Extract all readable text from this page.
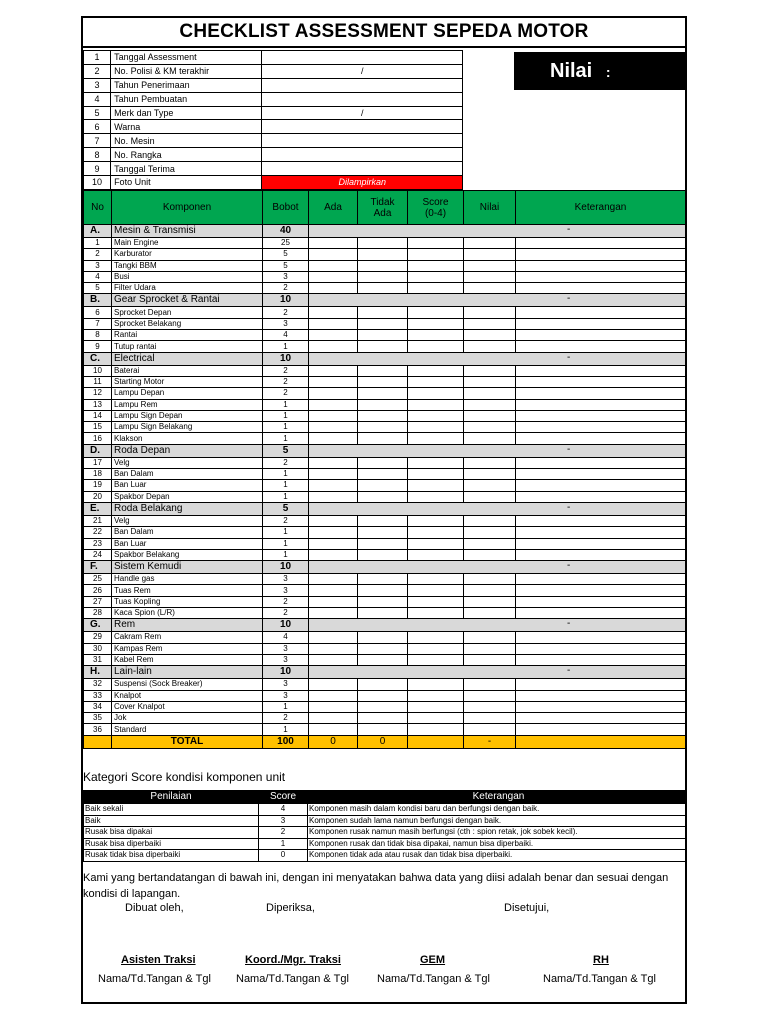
CHECKLIST ASSESSMENT SEPEDA MOTOR
1	Tanggal Assessment	
2	No. Polisi & KM terakhir	/
3	Tahun Penerimaan	
4	Tahun Pembuatan	
5	Merk dan Type	/
6	Warna	
7	No. Mesin	
8	No. Rangka	
9	Tanggal Terima	
10	Foto Unit	Dilampirkan
Nilai :
No	Komponen	Bobot	Ada	Tidak Ada	Score (0-4)	Nilai	Keterangan
A.	Mesin & Transmisi	40	-				

1	Main Engine	25					
2	Karburator	5					
3	Tangki BBM	5					
4	Busi	3					
5	Filter Udara	2					
B.	Gear Sprocket & Rantai	10	-				

6	Sprocket Depan	2					
7	Sprocket Belakang	3					
8	Rantai	4					
9	Tutup rantai	1					
C.	Electrical	10	-				

10	Baterai	2					
11	Starting Motor	2					
12	Lampu Depan	2					
13	Lampu Rem	1					
14	Lampu Sign Depan	1					
15	Lampu Sign Belakang	1					
16	Klakson	1					
D.	Roda Depan	5	-				

17	Velg	2					
18	Ban Dalam	1					
19	Ban Luar	1					
20	Spakbor Depan	1					
E.	Roda Belakang	5	-				

21	Velg	2					
22	Ban Dalam	1					
23	Ban Luar	1					
24	Spakbor Belakang	1					
F.	Sistem Kemudi	10	-				

25	Handle gas	3					
26	Tuas Rem	3					
27	Tuas Kopling	2					
28	Kaca Spion (L/R)	2					
G.	Rem	10	-				

29	Cakram Rem	4					
30	Kampas Rem	3					
31	Kabel Rem	3					
H.	Lain-lain	10	-				

32	Suspensi (Sock Breaker)	3					
33	Knalpot	3					
34	Cover Knalpot	1					
35	Jok	2					
36	Standard	1					
	TOTAL	100	0	0		-	
Kategori Score kondisi komponen unit
Penilaian	Score	Keterangan
Baik sekali	4	Komponen masih dalam kondisi baru dan berfungsi dengan baik.
Baik	3	Komponen sudah lama namun berfungsi dengan baik.
Rusak bisa dipakai	2	Komponen rusak namun masih berfungsi (cth : spion retak, jok sobek kecil).
Rusak bisa diperbaiki	1	Komponen rusak dan tidak bisa dipakai, namun bisa diperbaiki.
Rusak tidak bisa diperbaiki	0	Komponen tidak ada atau rusak dan tidak bisa diperbaiki.
Kami yang bertandatangan di bawah ini, dengan ini menyatakan bahwa data yang diisi adalah benar dan sesuai dengan kondisi di lapangan.
Dibuat oleh,	Diperiksa,	Disetujui,
Asisten Traksi	Koord./Mgr. Traksi	GEM	RH
Nama/Td.Tangan & Tgl Nama/Td.Tangan & Tgl	Nama/Td.Tangan & Tgl	Nama/Td.Tangan & Tgl
